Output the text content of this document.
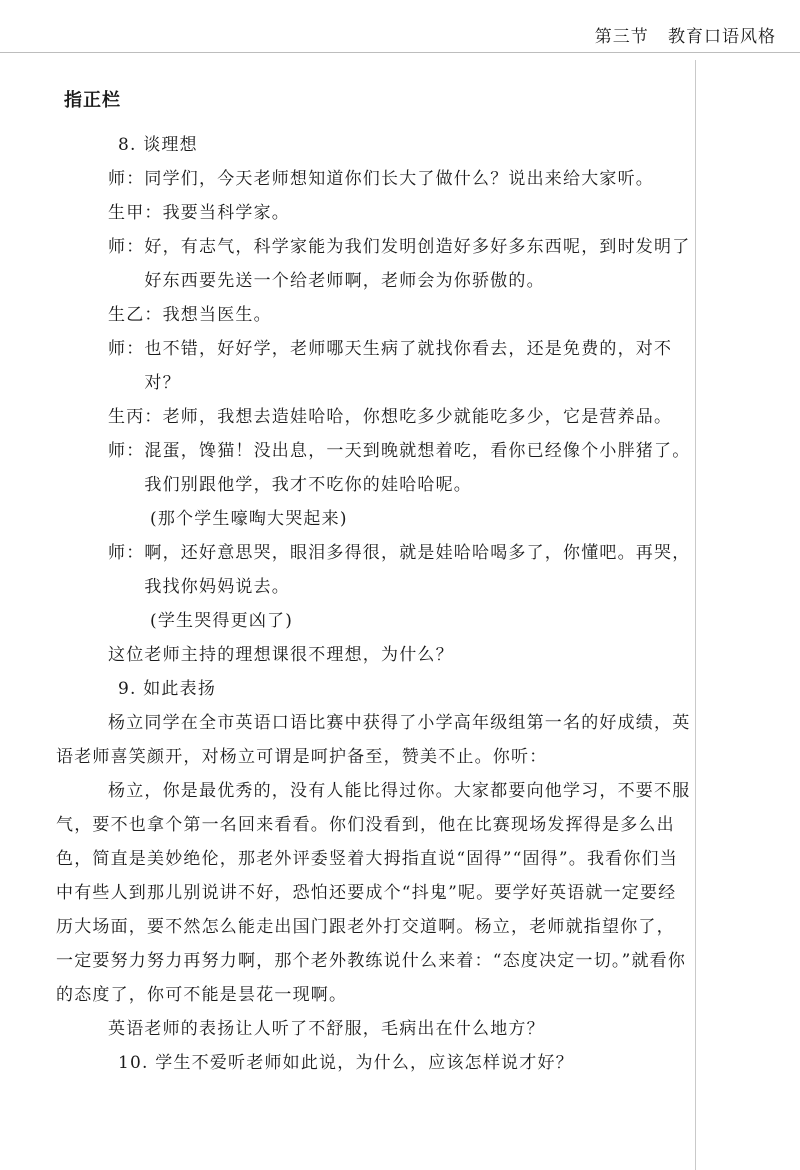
第三节 教育口语风格
指正栏

8. 谈理想

师： 同学们，今天老师想知道你们长大了做什么？说出来给大家听。
生甲： 我要当科学家。
师： 好，有志气，科学家能为我们发明创造好多好多东西呢，到时发明了好东西要先送一个给老师啊，老师会为你骄傲的。
生乙： 我想当医生。
师： 也不错，好好学，老师哪天生病了就找你看去，还是免费的，对不对？
生丙： 老师，我想去造娃哈哈，你想吃多少就能吃多少，它是营养品。
师： 混蛋，馋猫！没出息，一天到晚就想着吃，看你已经像个小胖猪了。我们别跟他学，我才不吃你的娃哈哈呢。

(那个学生嚎啕大哭起来)

师： 啊，还好意思哭，眼泪多得很，就是娃哈哈喝多了，你懂吧。再哭，我找你妈妈说去。

(学生哭得更凶了)

这位老师主持的理想课很不理想，为什么？

9. 如此表扬

杨立同学在全市英语口语比赛中获得了小学高年级组第一名的好成绩，英语老师喜笑颜开，对杨立可谓是呵护备至，赞美不止。你听：

杨立，你是最优秀的，没有人能比得过你。大家都要向他学习，不要不服气，要不也拿个第一名回来看看。你们没看到，他在比赛现场发挥得是多么出色，简直是美妙绝伦，那老外评委竖着大拇指直说“固得”“固得”。我看你们当中有些人到那儿别说讲不好，恐怕还要成个“抖鬼”呢。要学好英语就一定要经历大场面，要不然怎么能走出国门跟老外打交道啊。杨立，老师就指望你了，一定要努力努力再努力啊，那个老外教练说什么来着：“态度决定一切。”就看你的态度了，你可不能是昙花一现啊。

英语老师的表扬让人听了不舒服，毛病出在什么地方？

10. 学生不爱听老师如此说，为什么，应该怎样说才好？
